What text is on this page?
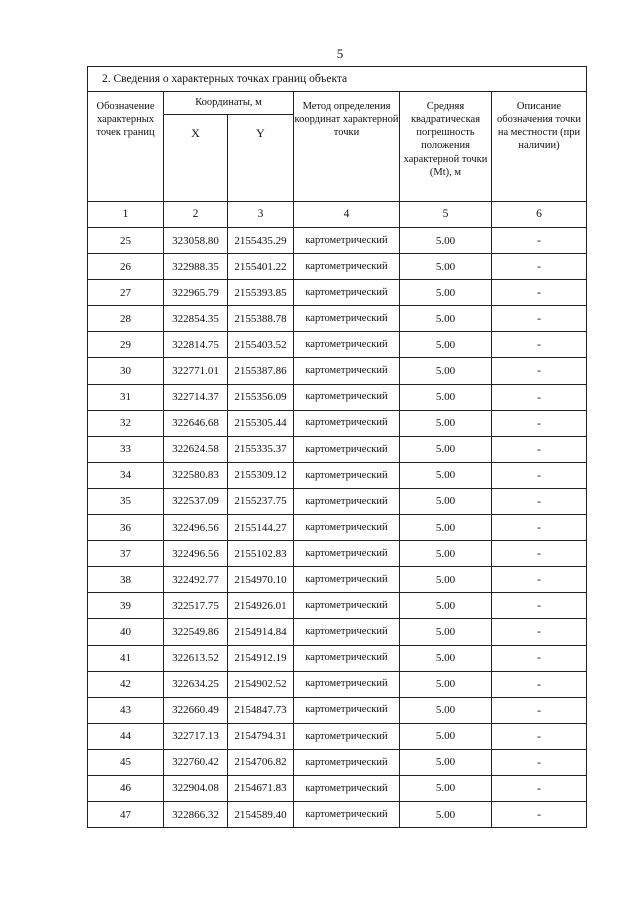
5
2. Сведения о характерных точках границ объекта					
Обозначение характерных точек границ	Координаты, м		Метод определения координат характерной точки	Средняя квадратическая погрешность положения характерной точки (Mt), м	Описание обозначения точки на местности (при наличии)
	X	Y			
1	2	3	4	5	6
25	323058.80	2155435.29	картометрический	5.00	-
26	322988.35	2155401.22	картометрический	5.00	-
27	322965.79	2155393.85	картометрический	5.00	-
28	322854.35	2155388.78	картометрический	5.00	-
29	322814.75	2155403.52	картометрический	5.00	-
30	322771.01	2155387.86	картометрический	5.00	-
31	322714.37	2155356.09	картометрический	5.00	-
32	322646.68	2155305.44	картометрический	5.00	-
33	322624.58	2155335.37	картометрический	5.00	-
34	322580.83	2155309.12	картометрический	5.00	-
35	322537.09	2155237.75	картометрический	5.00	-
36	322496.56	2155144.27	картометрический	5.00	-
37	322496.56	2155102.83	картометрический	5.00	-
38	322492.77	2154970.10	картометрический	5.00	-
39	322517.75	2154926.01	картометрический	5.00	-
40	322549.86	2154914.84	картометрический	5.00	-
41	322613.52	2154912.19	картометрический	5.00	-
42	322634.25	2154902.52	картометрический	5.00	-
43	322660.49	2154847.73	картометрический	5.00	-
44	322717.13	2154794.31	картометрический	5.00	-
45	322760.42	2154706.82	картометрический	5.00	-
46	322904.08	2154671.83	картометрический	5.00	-
47	322866.32	2154589.40	картометрический	5.00	-
